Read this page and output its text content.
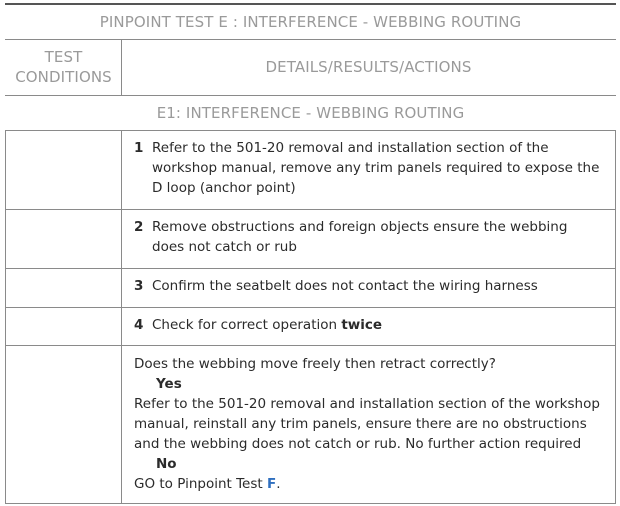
PINPOINT TEST E : INTERFERENCE - WEBBING ROUTING	
TEST CONDITIONS	DETAILS/RESULTS/ACTIONS
E1: INTERFERENCE - WEBBING ROUTING	
	1 Refer to the 501-20 removal and installation section of the workshop manual, remove any trim panels required to expose the D loop (anchor point)
	2 Remove obstructions and foreign objects ensure the webbing does not catch or rub
	3 Confirm the seatbelt does not contact the wiring harness
	4 Check for correct operation twice

	Does the webbing move freely then retract correctly?
Yes
Refer to the 501-20 removal and installation section of the workshop manual, reinstall any trim panels, ensure there are no obstructions and the webbing does not catch or rub. No further action required
No
GO to Pinpoint Test F.
